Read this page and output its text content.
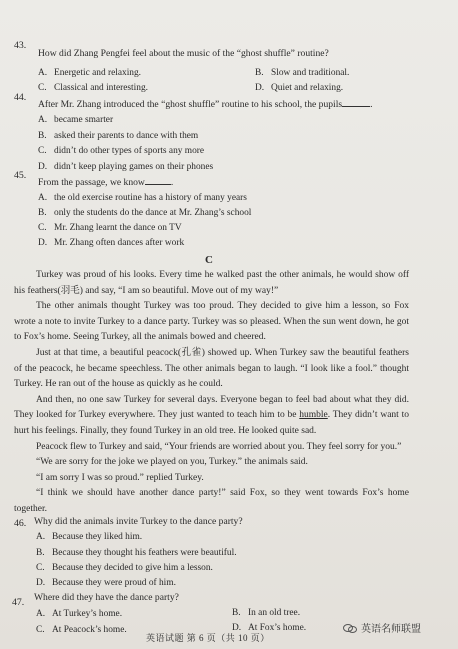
43.
How did Zhang Pengfei feel about the music of the “ghost shuffle” routine?
A. Energetic and relaxing.	B. Slow and traditional.
C. Classical and interesting.	D. Quiet and relaxing.
44.
After Mr. Zhang introduced the “ghost shuffle” routine to his school, the pupils	.
A. became smarter
B. asked their parents to dance with them
C. didn’t do other types of sports any more
D. didn’t keep playing games on their phones
45.
From the passage, we know	.
A. the old exercise routine has a history of many years
B. only the students do the dance at Mr. Zhang’s school
C. Mr. Zhang learnt the dance on TV
D. Mr. Zhang often dances after work
C

Turkey was proud of his looks. Every time he walked past the other animals, he would show off his feathers(羽毛) and say, “I am so beautiful. Move out of my way!”

The other animals thought Turkey was too proud. They decided to give him a lesson, so Fox wrote a note to invite Turkey to a dance party. Turkey was so pleased. When the sun went down, he got to Fox’s home. Seeing Turkey, all the animals bowed and cheered.

Just at that time, a beautiful peacock(孔雀) showed up. When Turkey saw the beautiful feathers of the peacock, he became speechless. The other animals began to laugh. “I look like a fool.” thought Turkey. He ran out of the house as quickly as he could.

And then, no one saw Turkey for several days. Everyone began to feel bad about what they did. They looked for Turkey everywhere. They just wanted to teach him to be humble. They didn’t want to hurt his feelings. Finally, they found Turkey in an old tree. He looked quite sad.

Peacock flew to Turkey and said, “Your friends are worried about you. They feel sorry for you.”

“We are sorry for the joke we played on you, Turkey.” the animals said.

“I am sorry I was so proud.” replied Turkey.

“I think we should have another dance party!” said Fox, so they went towards Fox’s home together.

46. Why did the animals invite Turkey to the dance party?
A. Because they liked him.
B. Because they thought his feathers were beautiful.
C. Because they decided to give him a lesson.
D. Because they were proud of him.
47. Where did they have the dance party?
A. At Turkey’s home.	B. In an old tree.
C. At Peacock’s home.	D. At Fox’s home.
英语试题 第 6 页（共 10 页）
英语名师联盟
